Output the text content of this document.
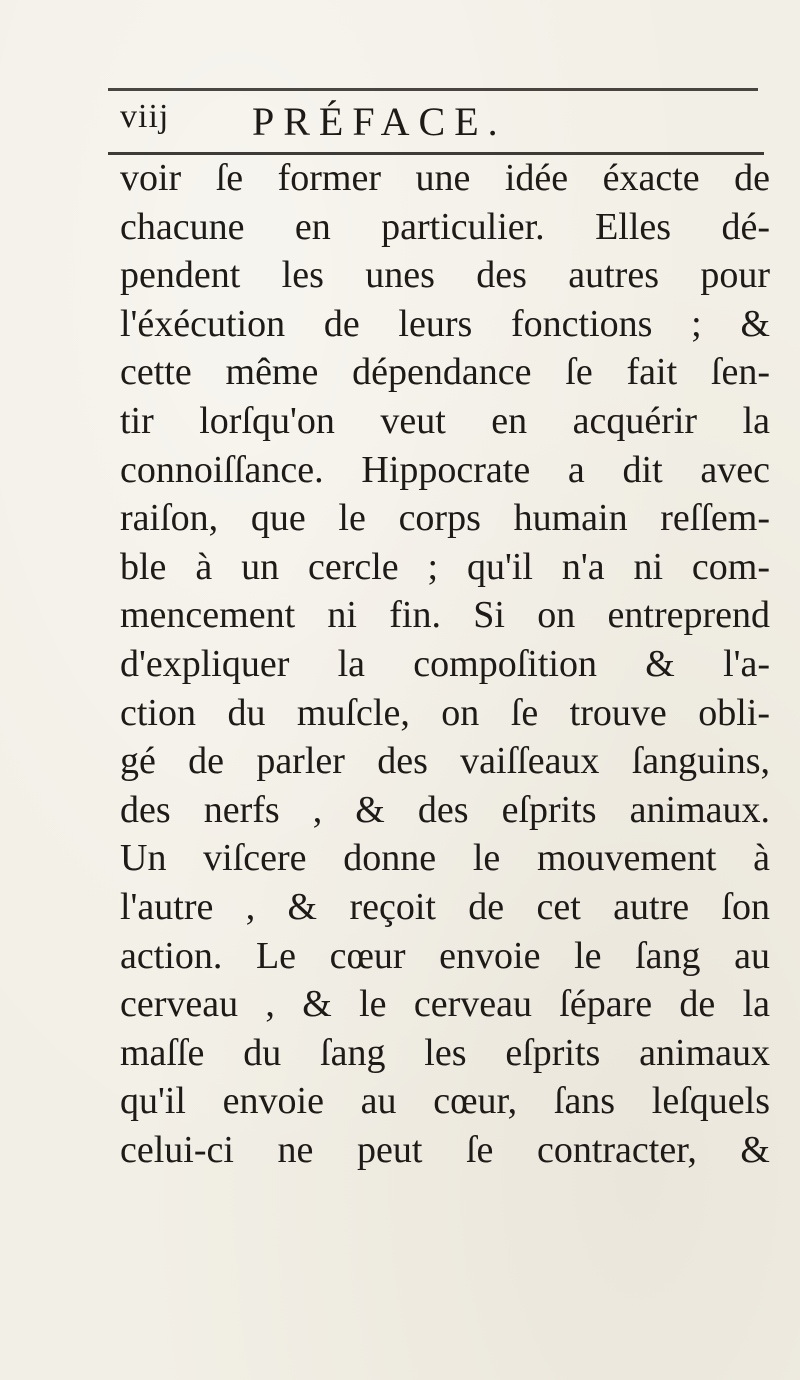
viij PRÉFACE.
voir ſe former une idée éxacte de
chacune en particulier. Elles dé-
pendent les unes des autres pour
l'éxécution de leurs fonctions ; &
cette même dépendance ſe fait ſen-
tir lorſqu'on veut en acquérir la
connoiſſance. Hippocrate a dit avec
raiſon, que le corps humain reſſem-
ble à un cercle ; qu'il n'a ni com-
mencement ni fin. Si on entreprend
d'expliquer la compoſition & l'a-
ction du muſcle, on ſe trouve obli-
gé de parler des vaiſſeaux ſanguins,
des nerfs , & des eſprits animaux.
Un viſcere donne le mouvement à
l'autre , & reçoit de cet autre ſon
action. Le cœur envoie le ſang au
cerveau , & le cerveau ſépare de la
maſſe du ſang les eſprits animaux
qu'il envoie au cœur, ſans leſquels
celui-ci ne peut ſe contracter, &
